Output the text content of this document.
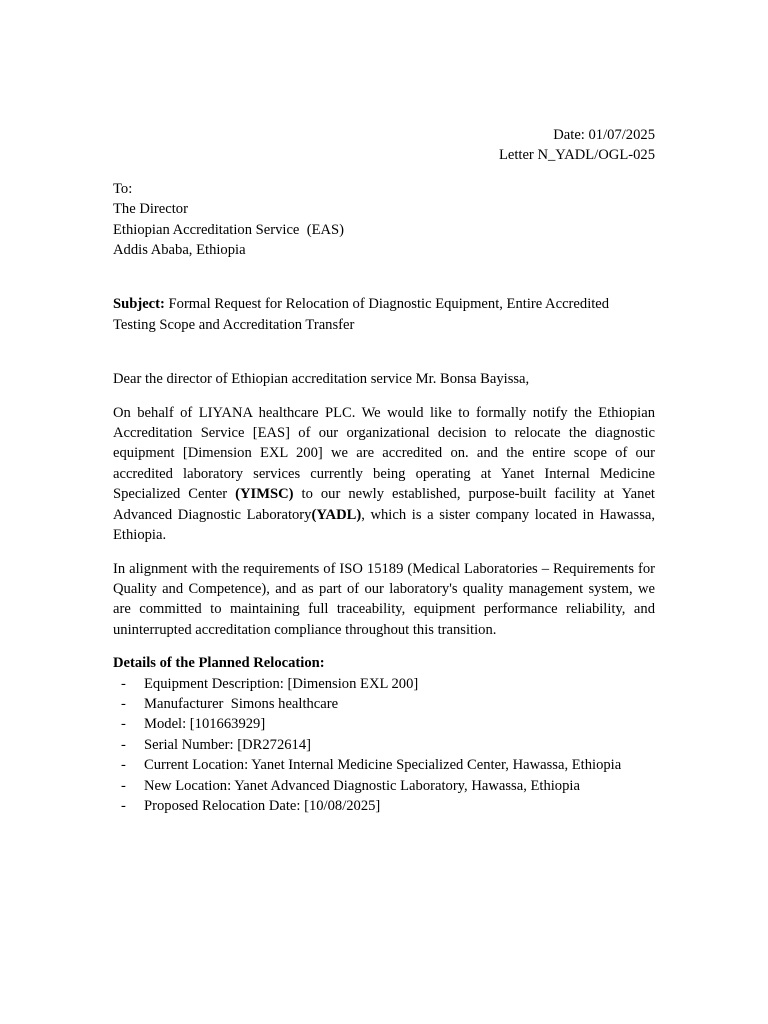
Date: 01/07/2025
Letter N_YADL/OGL-025
To:
The Director
Ethiopian Accreditation Service  (EAS)
Addis Ababa, Ethiopia
Subject: Formal Request for Relocation of Diagnostic Equipment, Entire Accredited Testing Scope and Accreditation Transfer
Dear the director of Ethiopian accreditation service Mr. Bonsa Bayissa,
On behalf of LIYANA healthcare PLC. We would like to formally notify the Ethiopian Accreditation Service [EAS] of our organizational decision to relocate the diagnostic equipment [Dimension EXL 200] we are accredited on. and the entire scope of our accredited laboratory services currently being operating at Yanet Internal Medicine Specialized Center (YIMSC) to our newly established, purpose-built facility at Yanet Advanced Diagnostic Laboratory(YADL), which is a sister company located in Hawassa, Ethiopia.
In alignment with the requirements of ISO 15189 (Medical Laboratories – Requirements for Quality and Competence), and as part of our laboratory's quality management system, we are committed to maintaining full traceability, equipment performance reliability, and uninterrupted accreditation compliance throughout this transition.
Details of the Planned Relocation:
- Equipment Description: [Dimension EXL 200]
- Manufacturer  Simons healthcare
- Model: [101663929]
- Serial Number: [DR272614]
- Current Location: Yanet Internal Medicine Specialized Center, Hawassa, Ethiopia
- New Location: Yanet Advanced Diagnostic Laboratory, Hawassa, Ethiopia
- Proposed Relocation Date: [10/08/2025]
